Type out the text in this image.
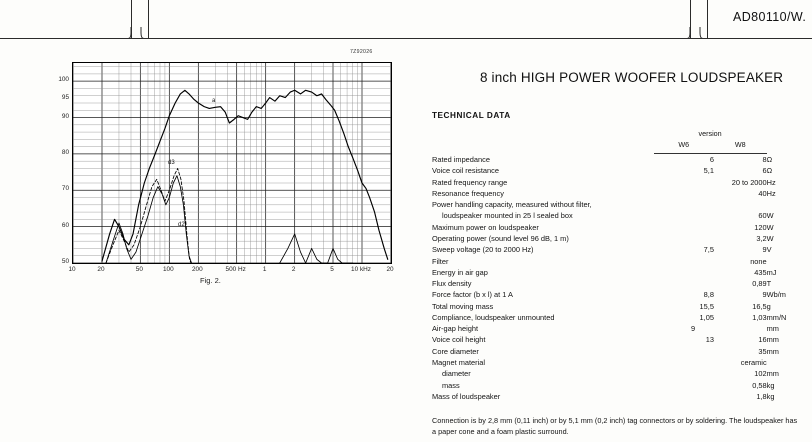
AD80110/W.
7Z92026
100
95
90
80
70
60
50
10	20	50	100	200	500 Hz	1	2	5	10 kHz 20
a
d3
d2
Fig. 2.
8 inch HIGH POWER WOOFER LOUDSPEAKER
TECHNICAL DATA
	version		
	W6	W8	

Rated impedance	6	8	Ω
Voice coil resistance	5,1	6	Ω
Rated frequency range	20 to 2000		Hz
Resonance frequency	40		Hz
Power handling capacity, measured without filter,			
loudspeaker mounted in 25 l sealed box	60		W
Maximum power on loudspeaker	120		W
Operating power (sound level 96 dB, 1 m)	3,2		W
Sweep voltage (20 to 2000 Hz)	7,5	9	V
Filter	none		
Energy in air gap	435		mJ
Flux density	0,89		T
Force factor (b x l) at 1 A	8,8	9	Wb/m
Total moving mass	15,5	16,5	g
Compliance, loudspeaker unmounted	1,05	1,03	mm/N
Air-gap height	9		mm
Voice coil height	13	16	mm
Core diameter	35		mm
Magnet material	ceramic		
diameter	102		mm
mass	0,58		kg
Mass of loudspeaker	1,8		kg
Connection is by 2,8 mm (0,11 inch) or by 5,1 mm (0,2 inch) tag connectors or by soldering. The loudspeaker has a paper cone and a foam plastic surround.
